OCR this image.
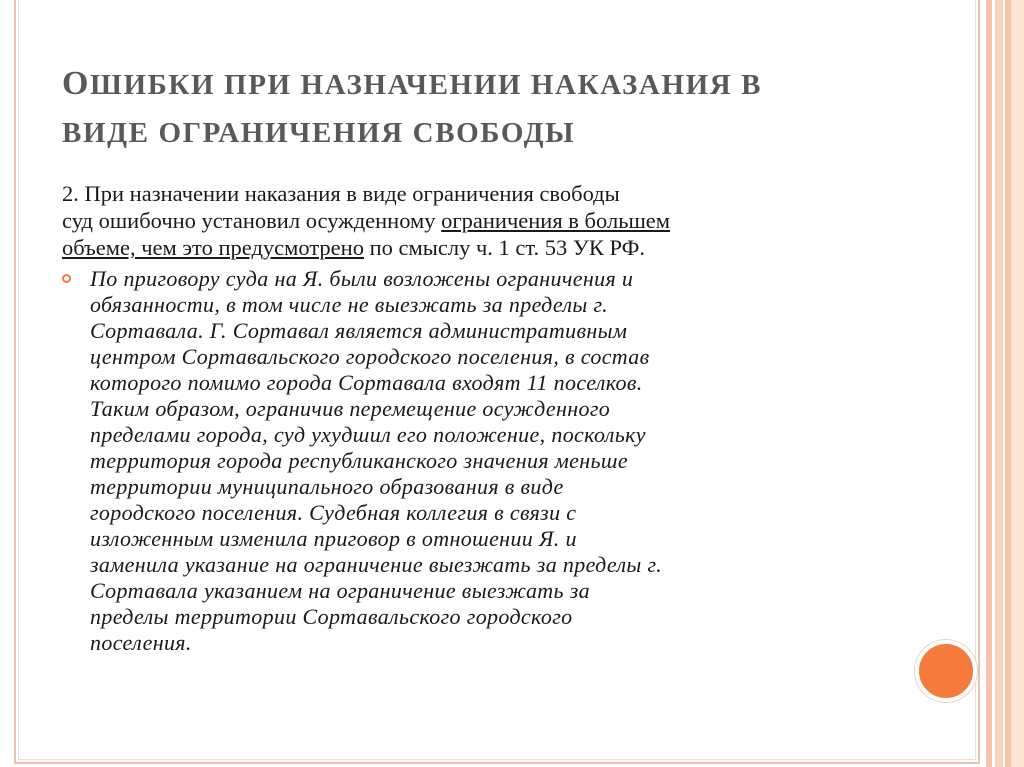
ОШИБКИ ПРИ НАЗНАЧЕНИИ НАКАЗАНИЯ В
ВИДЕ ОГРАНИЧЕНИЯ СВОБОДЫ

2. При назначении наказания в виде ограничения свободы
суд ошибочно установил осужденному ограничения в большем
объеме, чем это предусмотрено по смыслу ч. 1 ст. 53 УК РФ.

По приговору суда на Я. были возложены ограничения и
обязанности, в том числе не выезжать за пределы г.
Сортавала. Г. Сортавал является административным
центром Сортавальского городского поселения, в состав
которого помимо города Сортавала входят 11 поселков.
Таким образом, ограничив перемещение осужденного
пределами города, суд ухудшил его положение, поскольку
территория города республиканского значения меньше
территории муниципального образования в виде
городского поселения. Судебная коллегия в связи с
изложенным изменила приговор в отношении Я. и
заменила указание на ограничение выезжать за пределы г.
Сортавала указанием на ограничение выезжать за
пределы территории Сортавальского городского
поселения.
